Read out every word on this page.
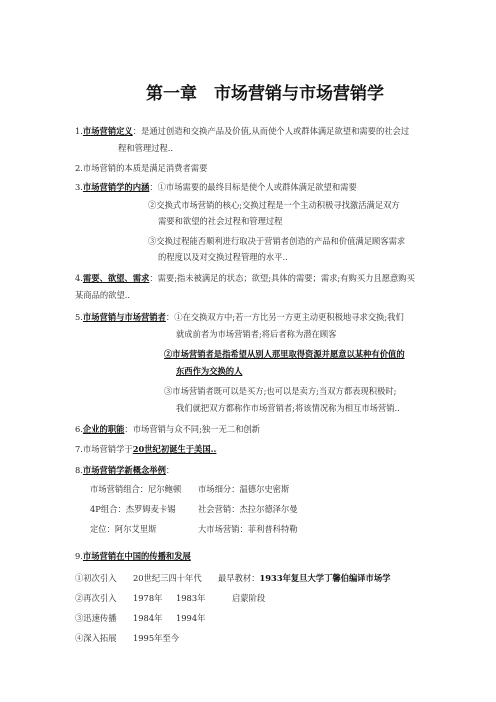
第一章　市场营销与市场营销学
1.市场营销定义：是通过创造和交换产品及价值,从而使个人或群体满足欲望和需要的社会过
程和管理过程..
2.市场营销的本质是满足消费者需要
3.市场营销学的内涵：①市场需要的最终目标是使个人或群体满足欲望和需要
②交换式市场营销的核心;交换过程是一个主动积极寻找激活满足双方
需要和欲望的社会过程和管理过程
③交换过程能否顺利进行取决于营销者创造的产品和价值满足顾客需求
的程度以及对交换过程管理的水平..
4.需要、欲望、需求：需要;指未被满足的状态；欲望;具体的需要；需求;有购买力且愿意购买
某商品的欲望..
5.市场营销与市场营销者：①在交换双方中;若一方比另一方更主动更积极地寻求交换;我们
就成前者为市场营销者;将后者称为潜在顾客
②市场营销者是指希望从别人那里取得资源并愿意以某种有价值的
东西作为交换的人
③市场营销者既可以是买方;也可以是卖方;当双方都表现积极时;
我们就把双方都称作市场营销者;将该情况称为相互市场营销..
6.企业的职能：市场营销与众不同;独一无二和创新
7.市场营销学于20世纪初诞生于美国..
8.市场营销学新概念举例：
市场营销组合：尼尔鲍顿 市场细分：温德尔史密斯
4P组合：杰罗姆麦卡锡	社会营销：杰拉尔德泽尔曼
定位：阿尔艾里斯	大市场营销：菲利普科特勒
9.市场营销在中国的传播和发展
①初次引入 20世纪三四十年代 最早教材：1933年复旦大学丁馨伯编译市场学
②再次引入 1978年 1983年	启蒙阶段
③迅速传播 1984年 1994年
④深入拓展 1995年至今
